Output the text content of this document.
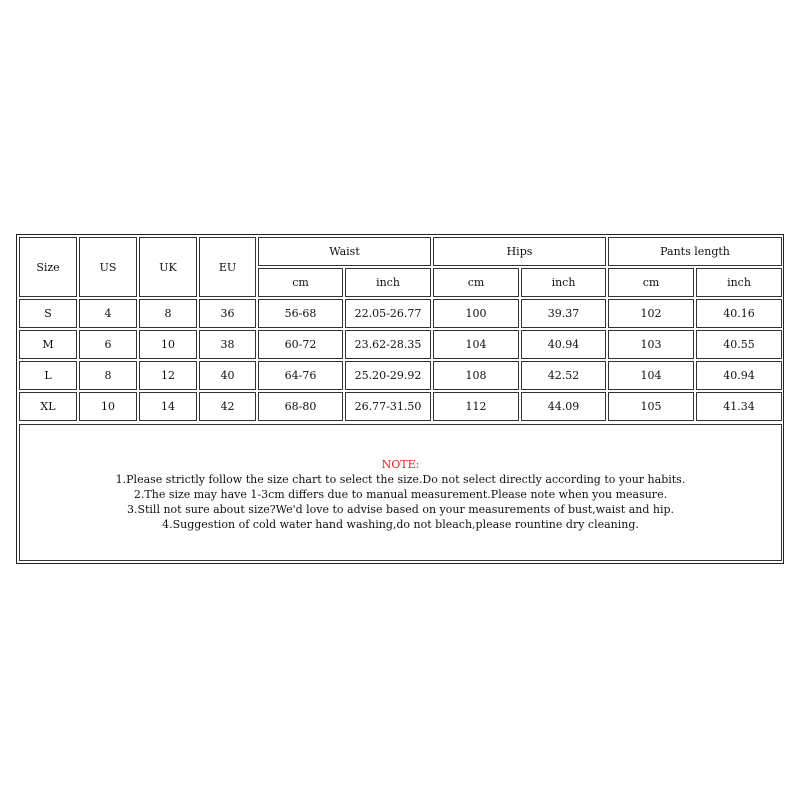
Size	US	UK	EU
Waist	Hips	Pants length
cm	inch	cm	inch	cm	inch
S	4	8	36	56-68	22.05-26.77	100	39.37	102	40.16
M	6	10	38	60-72	23.62-28.35	104	40.94	103	40.55
L	8	12	40	64-76	25.20-29.92	108	42.52	104	40.94
XL	10	14	42	68-80	26.77-31.50	112	44.09	105	41.34
NOTE:
1.Please strictly follow the size chart to select the size.Do not select directly according to your habits.
2.The size may have 1-3cm differs due to manual measurement.Please note when you measure.
3.Still not sure about size?We'd love to advise based on your measurements of bust,waist and hip.
4.Suggestion of cold water hand washing,do not bleach,please rountine dry cleaning.
